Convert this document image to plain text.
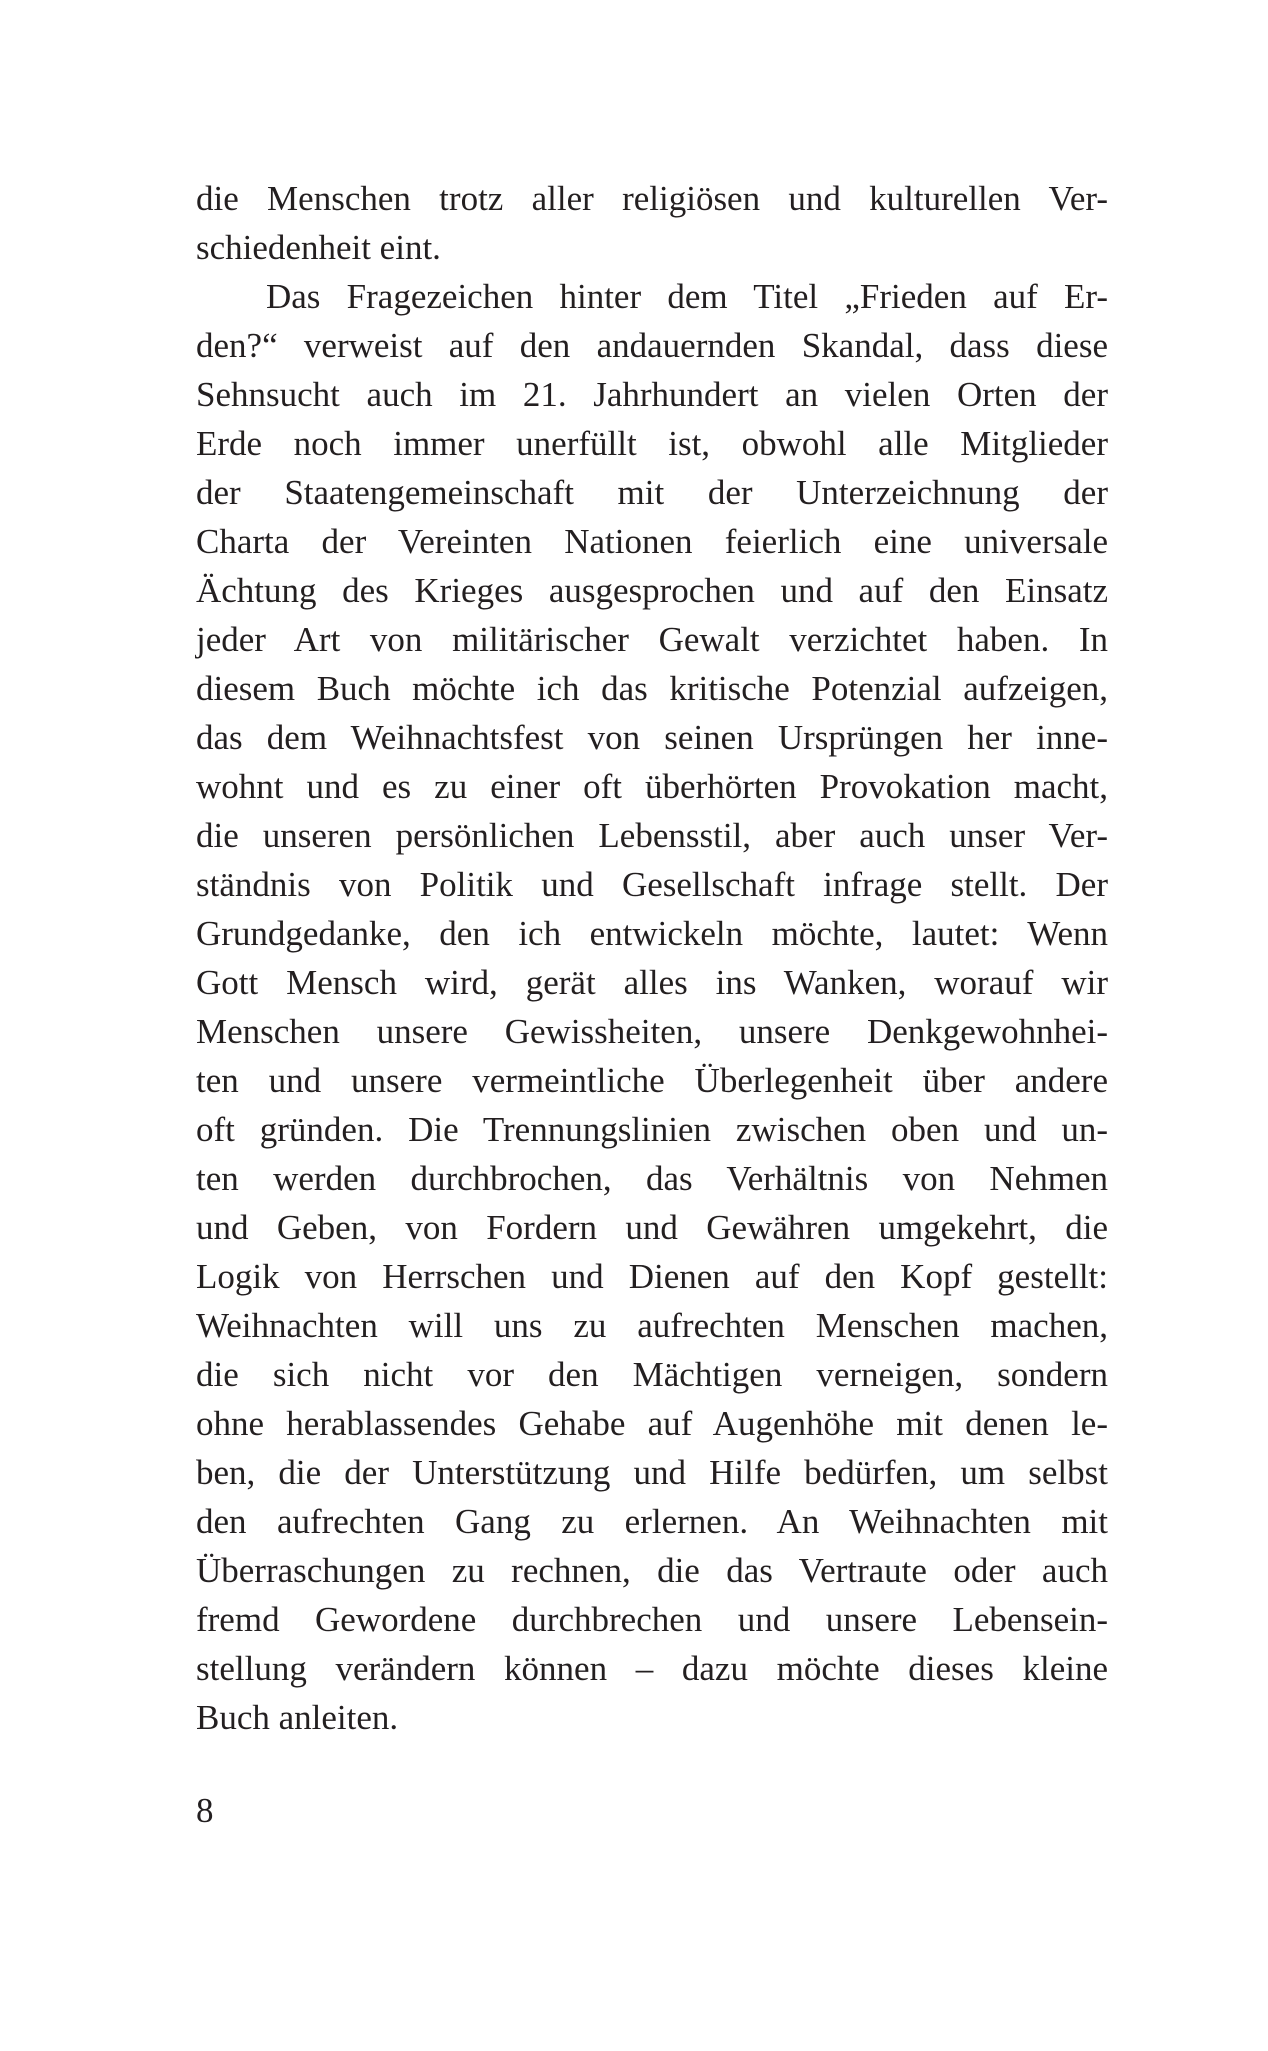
die Menschen trotz aller religiösen und kulturellen Ver-
schiedenheit eint.
Das Fragezeichen hinter dem Titel „Frieden auf Er-
den?“ verweist auf den andauernden Skandal, dass diese
Sehnsucht auch im 21. Jahrhundert an vielen Orten der
Erde noch immer unerfüllt ist, obwohl alle Mitglieder
der Staatengemeinschaft mit der Unterzeichnung der
Charta der Vereinten Nationen feierlich eine universale
Ächtung des Krieges ausgesprochen und auf den Einsatz
jeder Art von militärischer Gewalt verzichtet haben. In
diesem Buch möchte ich das kritische Potenzial aufzeigen,
das dem Weihnachtsfest von seinen Ursprüngen her inne-
wohnt und es zu einer oft überhörten Provokation macht,
die unseren persönlichen Lebensstil, aber auch unser Ver-
ständnis von Politik und Gesellschaft infrage stellt. Der
Grundgedanke, den ich entwickeln möchte, lautet: Wenn
Gott Mensch wird, gerät alles ins Wanken, worauf wir
Menschen unsere Gewissheiten, unsere Denkgewohnhei-
ten und unsere vermeintliche Überlegenheit über andere
oft gründen. Die Trennungslinien zwischen oben und un-
ten werden durchbrochen, das Verhältnis von Nehmen
und Geben, von Fordern und Gewähren umgekehrt, die
Logik von Herrschen und Dienen auf den Kopf gestellt:
Weihnachten will uns zu aufrechten Menschen machen,
die sich nicht vor den Mächtigen verneigen, sondern
ohne herablassendes Gehabe auf Augenhöhe mit denen le-
ben, die der Unterstützung und Hilfe bedürfen, um selbst
den aufrechten Gang zu erlernen. An Weihnachten mit
Überraschungen zu rechnen, die das Vertraute oder auch
fremd Gewordene durchbrechen und unsere Lebensein-
stellung verändern können – dazu möchte dieses kleine
Buch anleiten.
8
